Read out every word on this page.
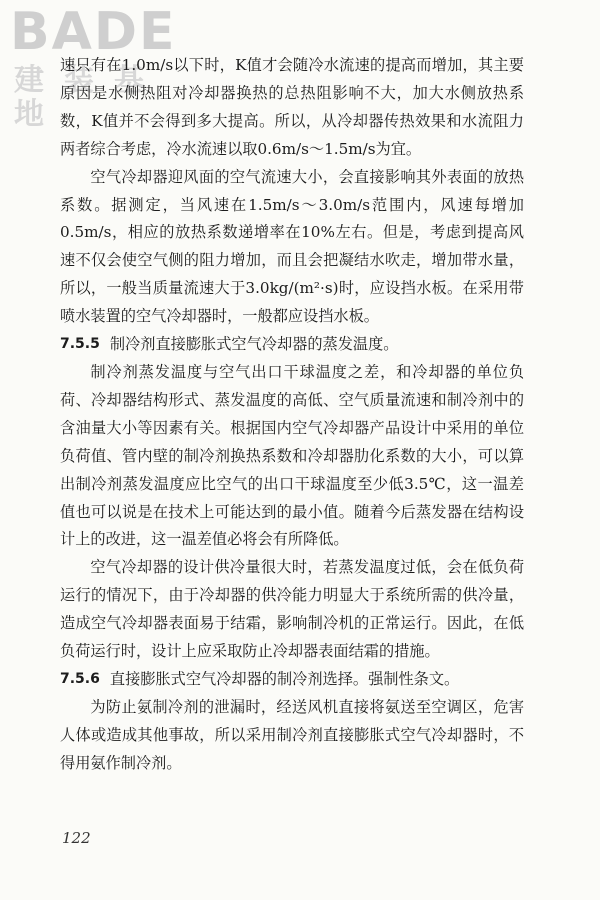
BADE
建装基地

速只有在1.0m/s以下时，K值才会随冷水流速的提高而增加，其主要原因是水侧热阻对冷却器换热的总热阻影响不大，加大水侧放热系数，K值并不会得到多大提高。所以，从冷却器传热效果和水流阻力两者综合考虑，冷水流速以取0.6m/s～1.5m/s为宜。

空气冷却器迎风面的空气流速大小，会直接影响其外表面的放热系数。据测定，当风速在1.5m/s～3.0m/s范围内，风速每增加0.5m/s，相应的放热系数递增率在10%左右。但是，考虑到提高风速不仅会使空气侧的阻力增加，而且会把凝结水吹走，增加带水量，所以，一般当质量流速大于3.0kg/(m²·s)时，应设挡水板。在采用带喷水装置的空气冷却器时，一般都应设挡水板。

7.5.5 制冷剂直接膨胀式空气冷却器的蒸发温度。

制冷剂蒸发温度与空气出口干球温度之差，和冷却器的单位负荷、冷却器结构形式、蒸发温度的高低、空气质量流速和制冷剂中的含油量大小等因素有关。根据国内空气冷却器产品设计中采用的单位负荷值、管内壁的制冷剂换热系数和冷却器肋化系数的大小，可以算出制冷剂蒸发温度应比空气的出口干球温度至少低3.5℃，这一温差值也可以说是在技术上可能达到的最小值。随着今后蒸发器在结构设计上的改进，这一温差值必将会有所降低。

空气冷却器的设计供冷量很大时，若蒸发温度过低，会在低负荷运行的情况下，由于冷却器的供冷能力明显大于系统所需的供冷量，造成空气冷却器表面易于结霜，影响制冷机的正常运行。因此，在低负荷运行时，设计上应采取防止冷却器表面结霜的措施。

7.5.6 直接膨胀式空气冷却器的制冷剂选择。强制性条文。

为防止氨制冷剂的泄漏时，经送风机直接将氨送至空调区，危害人体或造成其他事故，所以采用制冷剂直接膨胀式空气冷却器时，不得用氨作制冷剂。

122
